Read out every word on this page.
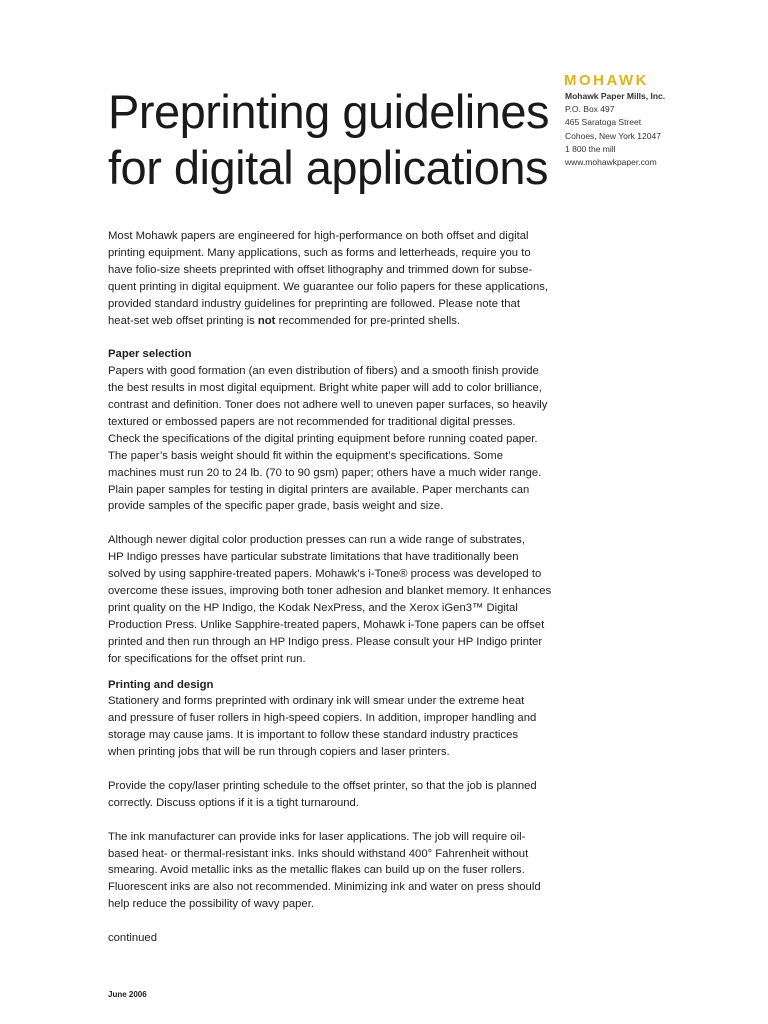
Preprinting guidelines
for digital applications
MOHAWK
Mohawk Paper Mills, Inc.
P.O. Box 497
465 Saratoga Street
Cohoes, New York 12047
1 800 the mill
www.mohawkpaper.com

Most Mohawk papers are engineered for high-performance on both offset and digital
printing equipment. Many applications, such as forms and letterheads, require you to
have folio-size sheets preprinted with offset lithography and trimmed down for subse-
quent printing in digital equipment. We guarantee our folio papers for these applications,
provided standard industry guidelines for preprinting are followed. Please note that
heat-set web offset printing is not recommended for pre-printed shells.

Paper selection
Papers with good formation (an even distribution of fibers) and a smooth finish provide
the best results in most digital equipment. Bright white paper will add to color brilliance,
contrast and definition. Toner does not adhere well to uneven paper surfaces, so heavily
textured or embossed papers are not recommended for traditional digital presses.
Check the specifications of the digital printing equipment before running coated paper.
The paper’s basis weight should fit within the equipment’s specifications. Some
machines must run 20 to 24 lb. (70 to 90 gsm) paper; others have a much wider range.
Plain paper samples for testing in digital printers are available. Paper merchants can
provide samples of the specific paper grade, basis weight and size.

Although newer digital color production presses can run a wide range of substrates,
HP Indigo presses have particular substrate limitations that have traditionally been
solved by using sapphire-treated papers. Mohawk’s i-Tone® process was developed to
overcome these issues, improving both toner adhesion and blanket memory. It enhances
print quality on the HP Indigo, the Kodak NexPress, and the Xerox iGen3™ Digital
Production Press. Unlike Sapphire-treated papers, Mohawk i-Tone papers can be offset
printed and then run through an HP Indigo press. Please consult your HP Indigo printer
for specifications for the offset print run.

Printing and design
Stationery and forms preprinted with ordinary ink will smear under the extreme heat
and pressure of fuser rollers in high-speed copiers. In addition, improper handling and
storage may cause jams. It is important to follow these standard industry practices
when printing jobs that will be run through copiers and laser printers.

Provide the copy/laser printing schedule to the offset printer, so that the job is planned
correctly. Discuss options if it is a tight turnaround.

The ink manufacturer can provide inks for laser applications. The job will require oil-
based heat- or thermal-resistant inks. Inks should withstand 400° Fahrenheit without
smearing. Avoid metallic inks as the metallic flakes can build up on the fuser rollers.
Fluorescent inks are also not recommended. Minimizing ink and water on press should
help reduce the possibility of wavy paper.

continued

June 2006
